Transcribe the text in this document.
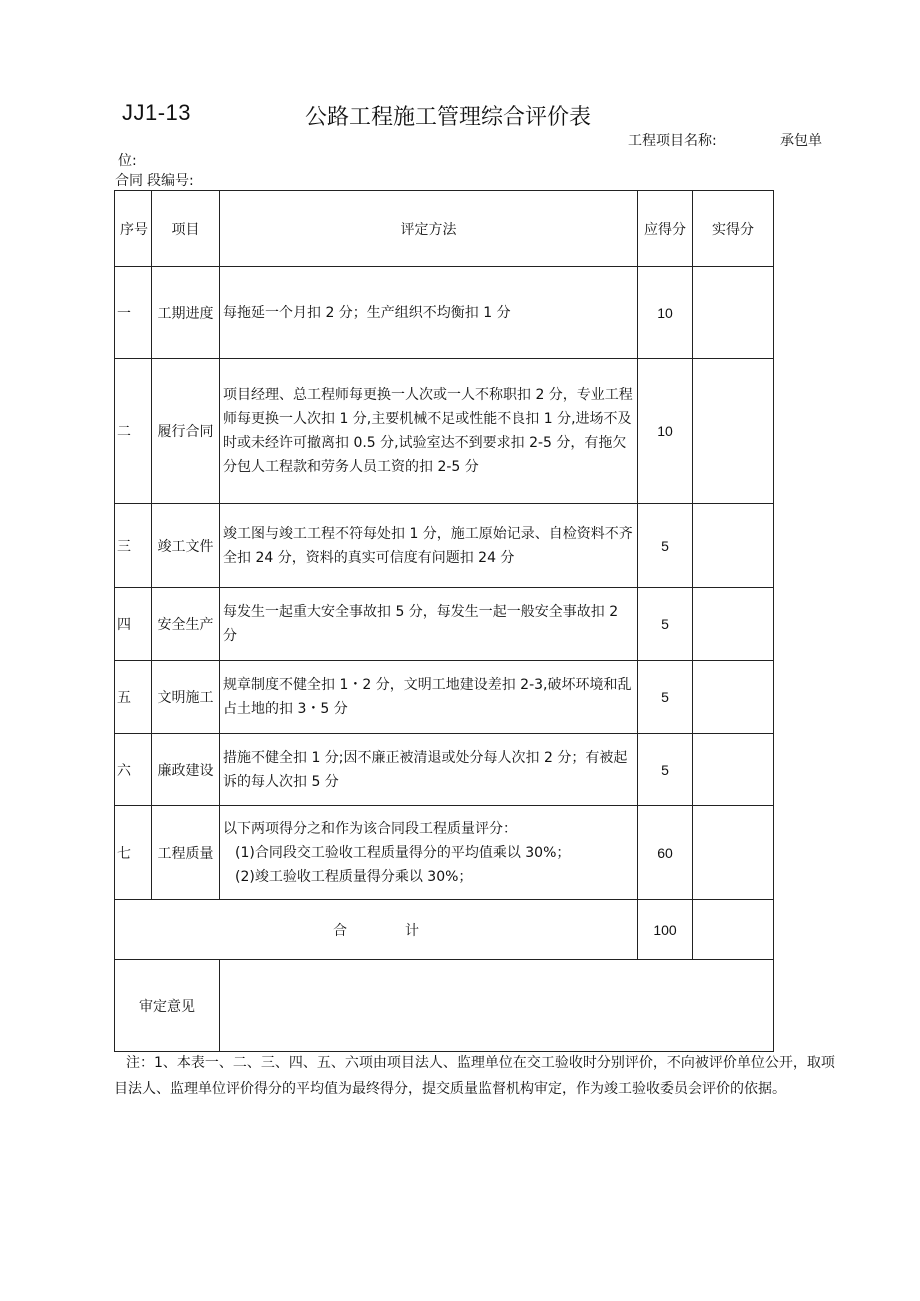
JJ1-13	公路工程施工管理综合评价表
工程项目名称:	承包单
位:
合同 段编号:
序号	项目	评定方法	应得分	实得分
一	工期进度	每拖延一个月扣 2 分；生产组织不均衡扣 1 分	10	
二	履行合同	项目经理、总工程师每更换一人次或一人不称职扣 2 分，专业工程师每更换一人次扣 1 分,主要机械不足或性能不良扣 1 分,进场不及时或未经许可撤离扣 0.5 分,试验室达不到要求扣 2-5 分，有拖欠分包人工程款和劳务人员工资的扣 2-5 分	10	
三	竣工文件	竣工图与竣工工程不符每处扣 1 分，施工原始记录、自检资料不齐全扣 24 分，资料的真实可信度有问题扣 24 分	5	
四	安全生产	每发生一起重大安全事故扣 5 分，每发生一起一般安全事故扣 2 分	5	
五	文明施工	规章制度不健全扣 1・2 分，文明工地建设差扣 2-3,破坏环境和乱占土地的扣 3・5 分	5	
六	廉政建设	措施不健全扣 1 分;因不廉正被清退或处分每人次扣 2 分；有被起诉的每人次扣 5 分	5	
七	工程质量	以下两项得分之和作为该合同段工程质量评分：
(1)合同段交工验收工程质量得分的平均值乘以 30%；
(2)竣工验收工程质量得分乘以 30%；	60	
合 计			100	
审定意见				

注：1、本表一、二、三、四、五、六项由项目法人、监理单位在交工验收时分别评价，不向被评价单位公开，取项目法人、监理单位评价得分的平均值为最终得分，提交质量监督机构审定，作为竣工验收委员会评价的依据。
